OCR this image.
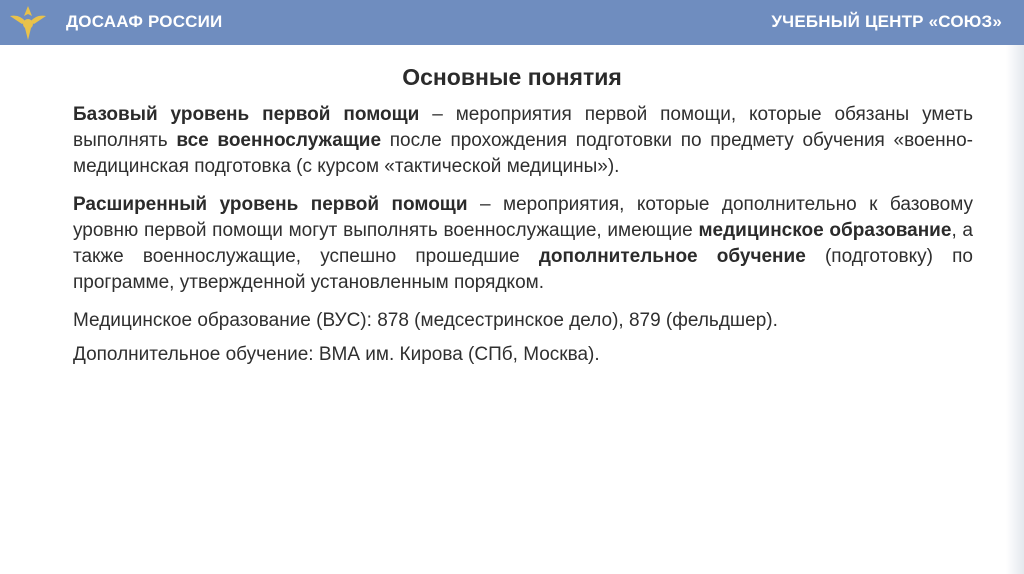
ДОСААФ РОССИИ	УЧЕБНЫЙ ЦЕНТР «СОЮЗ»
Основные понятия

Базовый уровень первой помощи – мероприятия первой помощи, которые обязаны уметь выполнять все военнослужащие после прохождения подготовки по предмету обучения «военно-медицинская подготовка (с курсом «тактической медицины»).

Расширенный уровень первой помощи – мероприятия, которые дополнительно к базовому уровню первой помощи могут выполнять военнослужащие, имеющие медицинское образование, а также военнослужащие, успешно прошедшие дополнительное обучение (подготовку) по программе, утвержденной установленным порядком.

Медицинское образование (ВУС): 878 (медсестринское дело), 879 (фельдшер).

Дополнительное обучение: ВМА им. Кирова (СПб, Москва).
